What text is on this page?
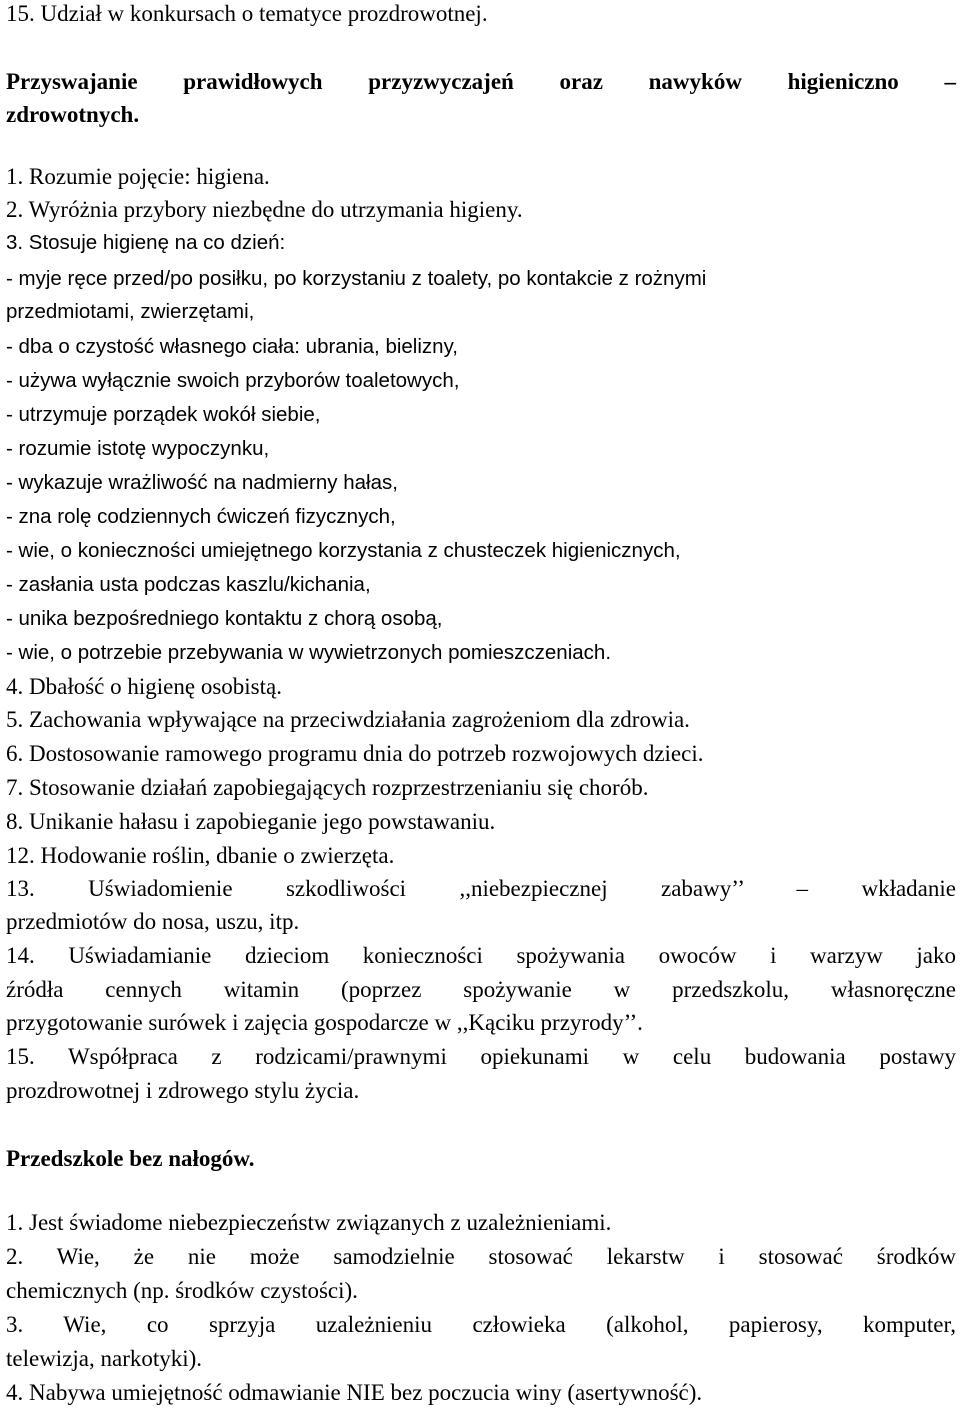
15. Udział w konkursach o tematyce prozdrowotnej.
Przyswajanie prawidłowych przyzwyczajeń oraz nawyków higieniczno –
zdrowotnych.
1. Rozumie pojęcie: higiena.
2. Wyróżnia przybory niezbędne do utrzymania higieny.
3. Stosuje higienę na co dzień:
- myje ręce przed/po posiłku, po korzystaniu z toalety, po kontakcie z rożnymi
przedmiotami, zwierzętami,
- dba o czystość własnego ciała: ubrania, bielizny,
- używa wyłącznie swoich przyborów toaletowych,
- utrzymuje porządek wokół siebie,
- rozumie istotę wypoczynku,
- wykazuje wrażliwość na nadmierny hałas,
- zna rolę codziennych ćwiczeń fizycznych,
- wie, o konieczności umiejętnego korzystania z chusteczek higienicznych,
- zasłania usta podczas kaszlu/kichania,
- unika bezpośredniego kontaktu z chorą osobą,
- wie, o potrzebie przebywania w wywietrzonych pomieszczeniach.
4. Dbałość o higienę osobistą.
5. Zachowania wpływające na przeciwdziałania zagrożeniom dla zdrowia.
6. Dostosowanie ramowego programu dnia do potrzeb rozwojowych dzieci.
7. Stosowanie działań zapobiegających rozprzestrzenianiu się chorób.
8. Unikanie hałasu i zapobieganie jego powstawaniu.
12. Hodowanie roślin, dbanie o zwierzęta.
13. Uświadomienie szkodliwości ,,niebezpiecznej zabawy’’ – wkładanie
przedmiotów do nosa, uszu, itp.
14. Uświadamianie dzieciom konieczności spożywania owoców i warzyw jako
źródła cennych witamin (poprzez spożywanie w przedszkolu, własnoręczne
przygotowanie surówek i zajęcia gospodarcze w ,,Kąciku przyrody’’.
15. Współpraca z rodzicami/prawnymi opiekunami w celu budowania postawy
prozdrowotnej i zdrowego stylu życia.
Przedszkole bez nałogów.
1. Jest świadome niebezpieczeństw związanych z uzależnieniami.
2. Wie, że nie może samodzielnie stosować lekarstw i stosować środków
chemicznych (np. środków czystości).
3. Wie, co sprzyja uzależnieniu człowieka (alkohol, papierosy, komputer,
telewizja, narkotyki).
4. Nabywa umiejętność odmawianie NIE bez poczucia winy (asertywność).
